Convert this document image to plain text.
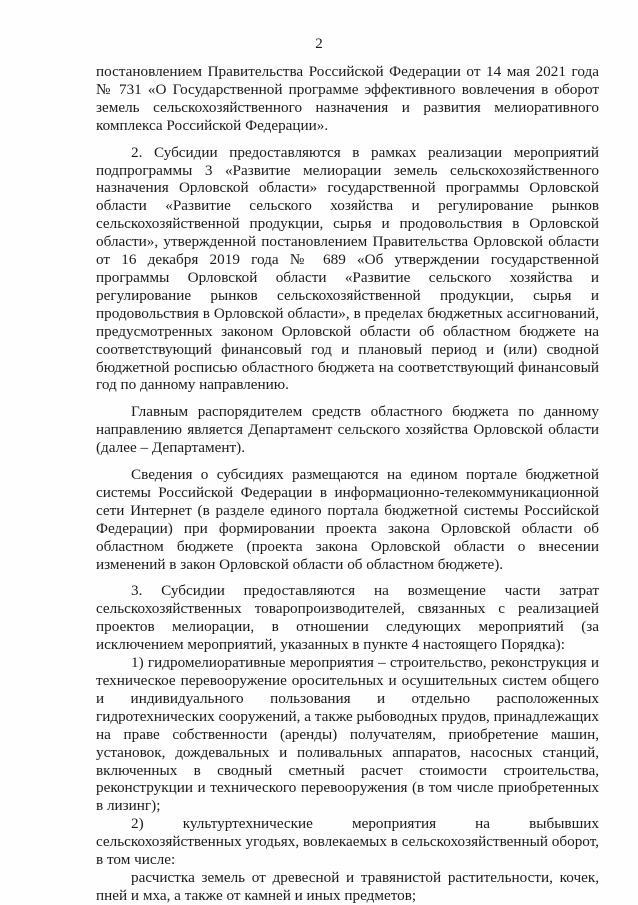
2

постановлением Правительства Российской Федерации от 14 мая 2021 года № 731 «О Государственной программе эффективного вовлечения в оборот земель сельскохозяйственного назначения и развития мелиоративного комплекса Российской Федерации».

2. Субсидии предоставляются в рамках реализации мероприятий подпрограммы 3 «Развитие мелиорации земель сельскохозяйственного назначения Орловской области» государственной программы Орловской области «Развитие сельского хозяйства и регулирование рынков сельскохозяйственной продукции, сырья и продовольствия в Орловской области», утвержденной постановлением Правительства Орловской области от 16 декабря 2019 года № 689 «Об утверждении государственной программы Орловской области «Развитие сельского хозяйства и регулирование рынков сельскохозяйственной продукции, сырья и продовольствия в Орловской области», в пределах бюджетных ассигнований, предусмотренных законом Орловской области об областном бюджете на соответствующий финансовый год и плановый период и (или) сводной бюджетной росписью областного бюджета на соответствующий финансовый год по данному направлению.

Главным распорядителем средств областного бюджета по данному направлению является Департамент сельского хозяйства Орловской области (далее – Департамент).

Сведения о субсидиях размещаются на едином портале бюджетной системы Российской Федерации в информационно-телекоммуникационной сети Интернет (в разделе единого портала бюджетной системы Российской Федерации) при формировании проекта закона Орловской области об областном бюджете (проекта закона Орловской области о внесении изменений в закон Орловской области об областном бюджете).

3. Субсидии предоставляются на возмещение части затрат сельскохозяйственных товаропроизводителей, связанных с реализацией проектов мелиорации, в отношении следующих мероприятий (за исключением мероприятий, указанных в пункте 4 настоящего Порядка):

1) гидромелиоративные мероприятия – строительство, реконструкция и техническое перевооружение оросительных и осушительных систем общего и индивидуального пользования и отдельно расположенных гидротехнических сооружений, а также рыбоводных прудов, принадлежащих на праве собственности (аренды) получателям, приобретение машин, установок, дождевальных и поливальных аппаратов, насосных станций, включенных в сводный сметный расчет стоимости строительства, реконструкции и технического перевооружения (в том числе приобретенных в лизинг);

2) культуртехнические мероприятия на выбывших сельскохозяйственных угодьях, вовлекаемых в сельскохозяйственный оборот, в том числе:

расчистка земель от древесной и травянистой растительности, кочек, пней и мха, а также от камней и иных предметов;
